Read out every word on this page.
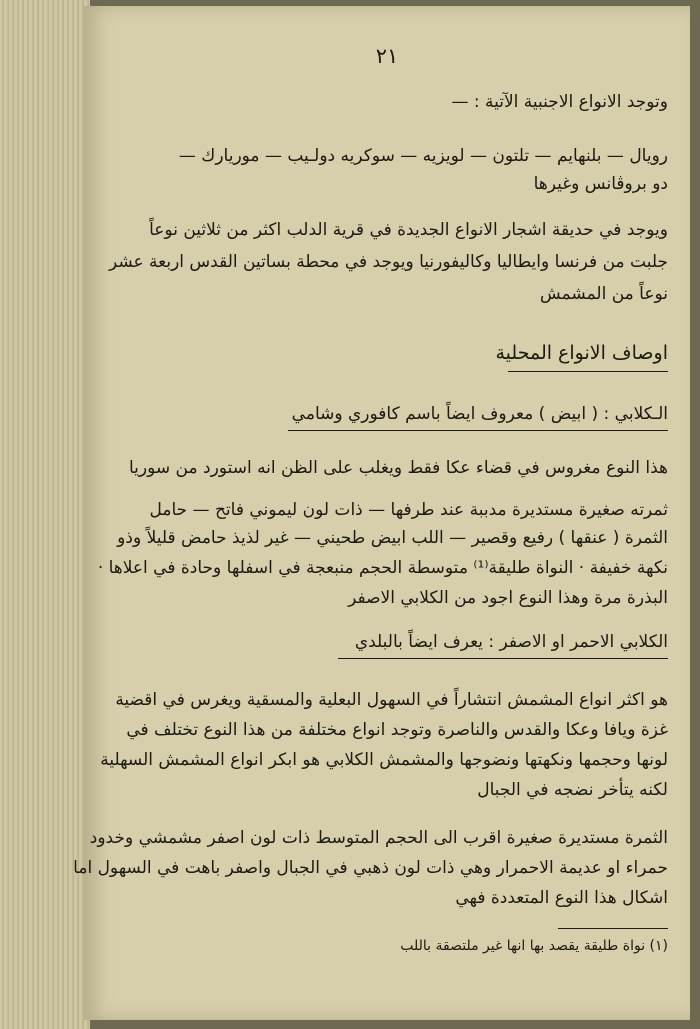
٢١
وتوجد الانواع الاجنبية الآتية : —
رويال — بلنهايم — تلتون — لويزيه — سوكريه دولـيب — موريارك —
دو بروڤانس وغيرها
ويوجد في حديقة اشجار الانواع الجديدة في قرية الدلب اكثر من ثلاثين نوعاً
جلبت من فرنسا وايطاليا وكاليفورنيا ويوجد في محطة بساتين القدس اربعة عشر
نوعاً من المشمش
اوصاف الانواع المحلية
الـكلابي : ( ابيض ) معروف ايضاً باسم كافوري وشامي
هذا النوع مغروس في قضاء عكا فقط ويغلب على الظن انه استورد من سوريا
ثمرته صغيرة مستديرة مدببة عند طرفها — ذات لون ليموني فاتح — حامل
الثمرة ( عنقها ) رفيع وقصير — اللب ابيض طحيني — غير لذيذ حامض قليلاً وذو
نكهة خفيفة · النواة طليقة⁽¹⁾ متوسطة الحجم منبعجة في اسفلها وحادة في اعلاها ·
البذرة مرة وهذا النوع اجود من الكلابي الاصفر
الكلابي الاحمر او الاصفر : يعرف ايضاً بالبلدي
هو اكثر انواع المشمش انتشاراً في السهول البعلية والمسقية ويغرس في اقضية
غزة ويافا وعكا والقدس والناصرة وتوجد انواع مختلفة من هذا النوع تختلف في
لونها وحجمها ونكهتها ونضوجها والمشمش الكلابي هو ابكر انواع المشمش السهلية
لكنه يتأخر نضجه في الجبال
الثمرة مستديرة صغيرة اقرب الى الحجم المتوسط ذات لون اصفر مشمشي وخدود
حمراء او عديمة الاحمرار وهي ذات لون ذهبي في الجبال واصفر باهت في السهول اما
اشكال هذا النوع المتعددة فهي
(١) نواة طليقة يقصد بها انها غير ملتصقة باللب
